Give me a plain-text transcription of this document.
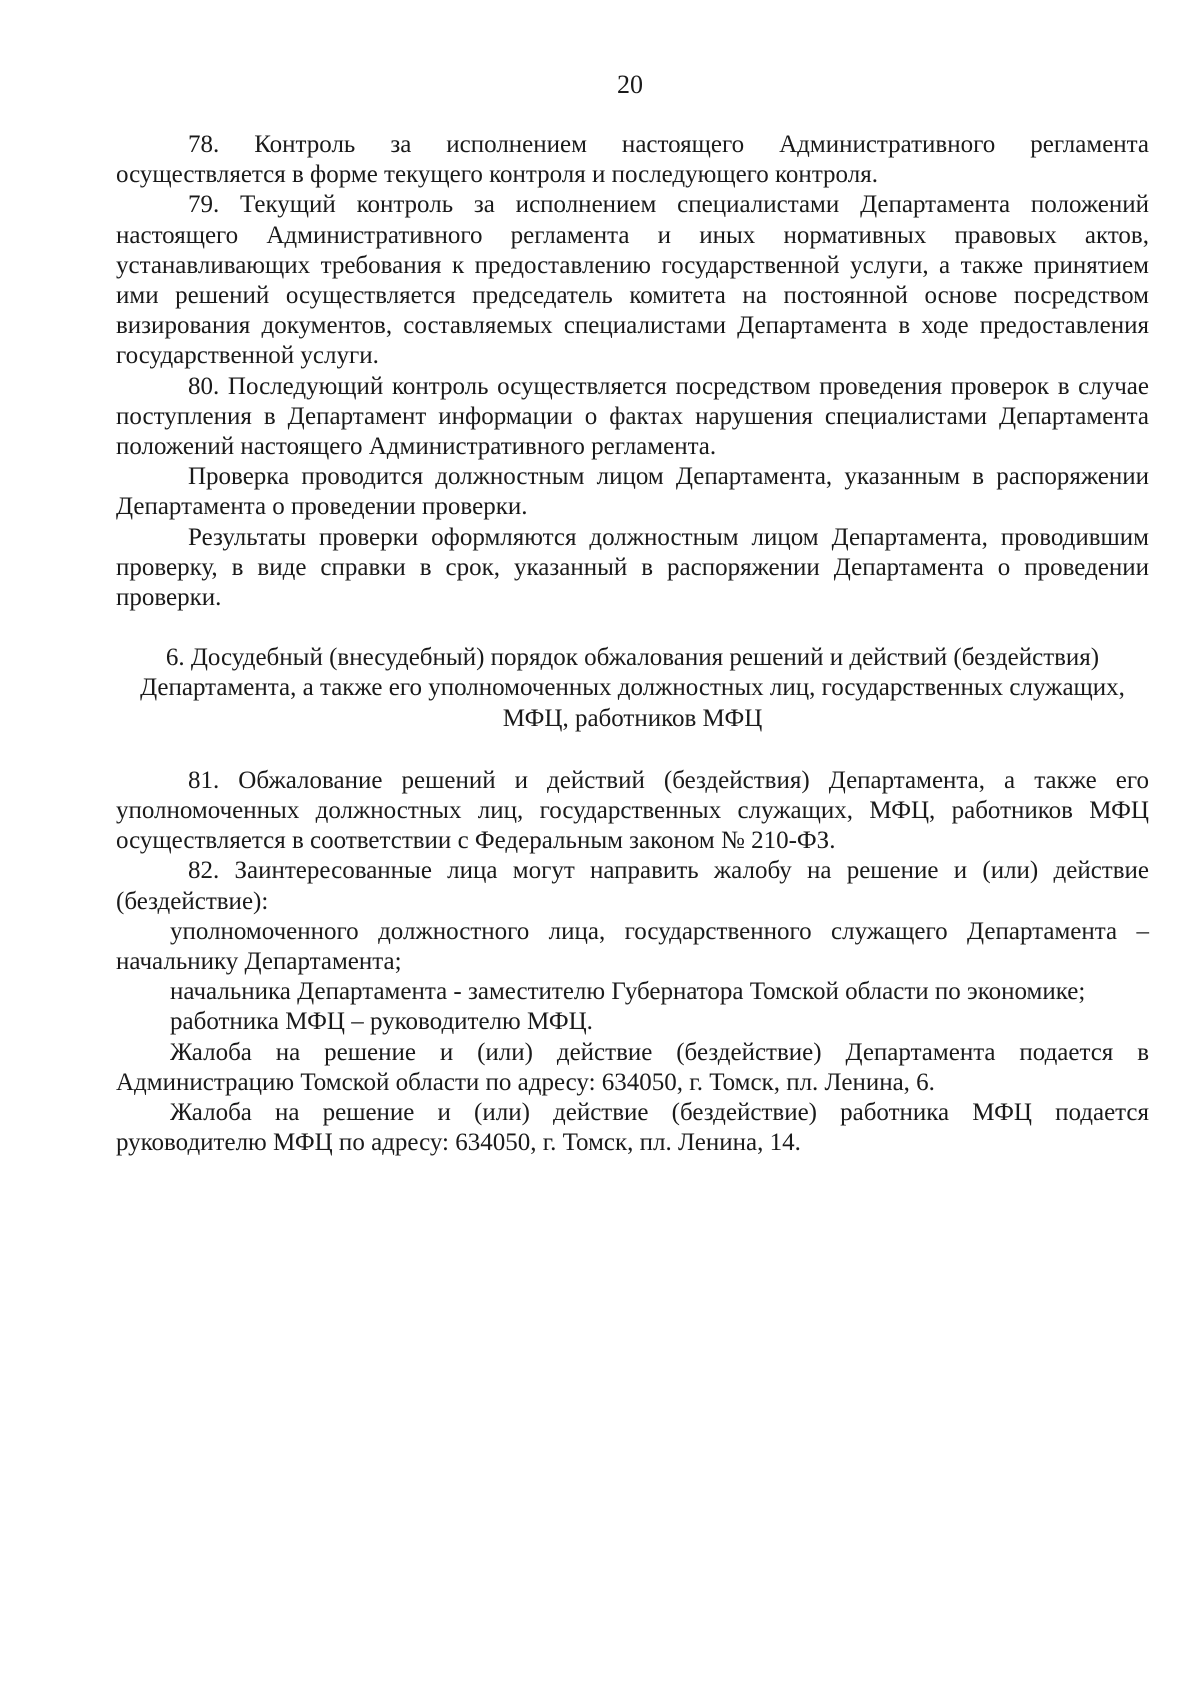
20

78. Контроль за исполнением настоящего Административного регламента осуществляется в форме текущего контроля и последующего контроля.

79. Текущий контроль за исполнением специалистами Департамента положений настоящего Административного регламента и иных нормативных правовых актов, устанавливающих требования к предоставлению государственной услуги, а также принятием ими решений осуществляется председатель комитета на постоянной основе посредством визирования документов, составляемых специалистами Департамента в ходе предоставления государственной услуги.

80. Последующий контроль осуществляется посредством проведения проверок в случае поступления в Департамент информации о фактах нарушения специалистами Департамента положений настоящего Административного регламента.

Проверка проводится должностным лицом Департамента, указанным в распоряжении Департамента о проведении проверки.

Результаты проверки оформляются должностным лицом Департамента, проводившим проверку, в виде справки в срок, указанный в распоряжении Департамента о проведении проверки.

6. Досудебный (внесудебный) порядок обжалования решений и действий (бездействия) Департамента, а также его уполномоченных должностных лиц, государственных служащих, МФЦ, работников МФЦ

81. Обжалование решений и действий (бездействия) Департамента, а также его уполномоченных должностных лиц, государственных служащих, МФЦ, работников МФЦ осуществляется в соответствии с Федеральным законом № 210-ФЗ.

82. Заинтересованные лица могут направить жалобу на решение и (или) действие (бездействие):

уполномоченного должностного лица, государственного служащего Департамента – начальнику Департамента;

начальника Департамента - заместителю Губернатора Томской области по экономике;

работника МФЦ – руководителю МФЦ.

Жалоба на решение и (или) действие (бездействие) Департамента подается в Администрацию Томской области по адресу: 634050, г. Томск, пл. Ленина, 6.

Жалоба на решение и (или) действие (бездействие) работника МФЦ подается руководителю МФЦ по адресу: 634050, г. Томск, пл. Ленина, 14.
